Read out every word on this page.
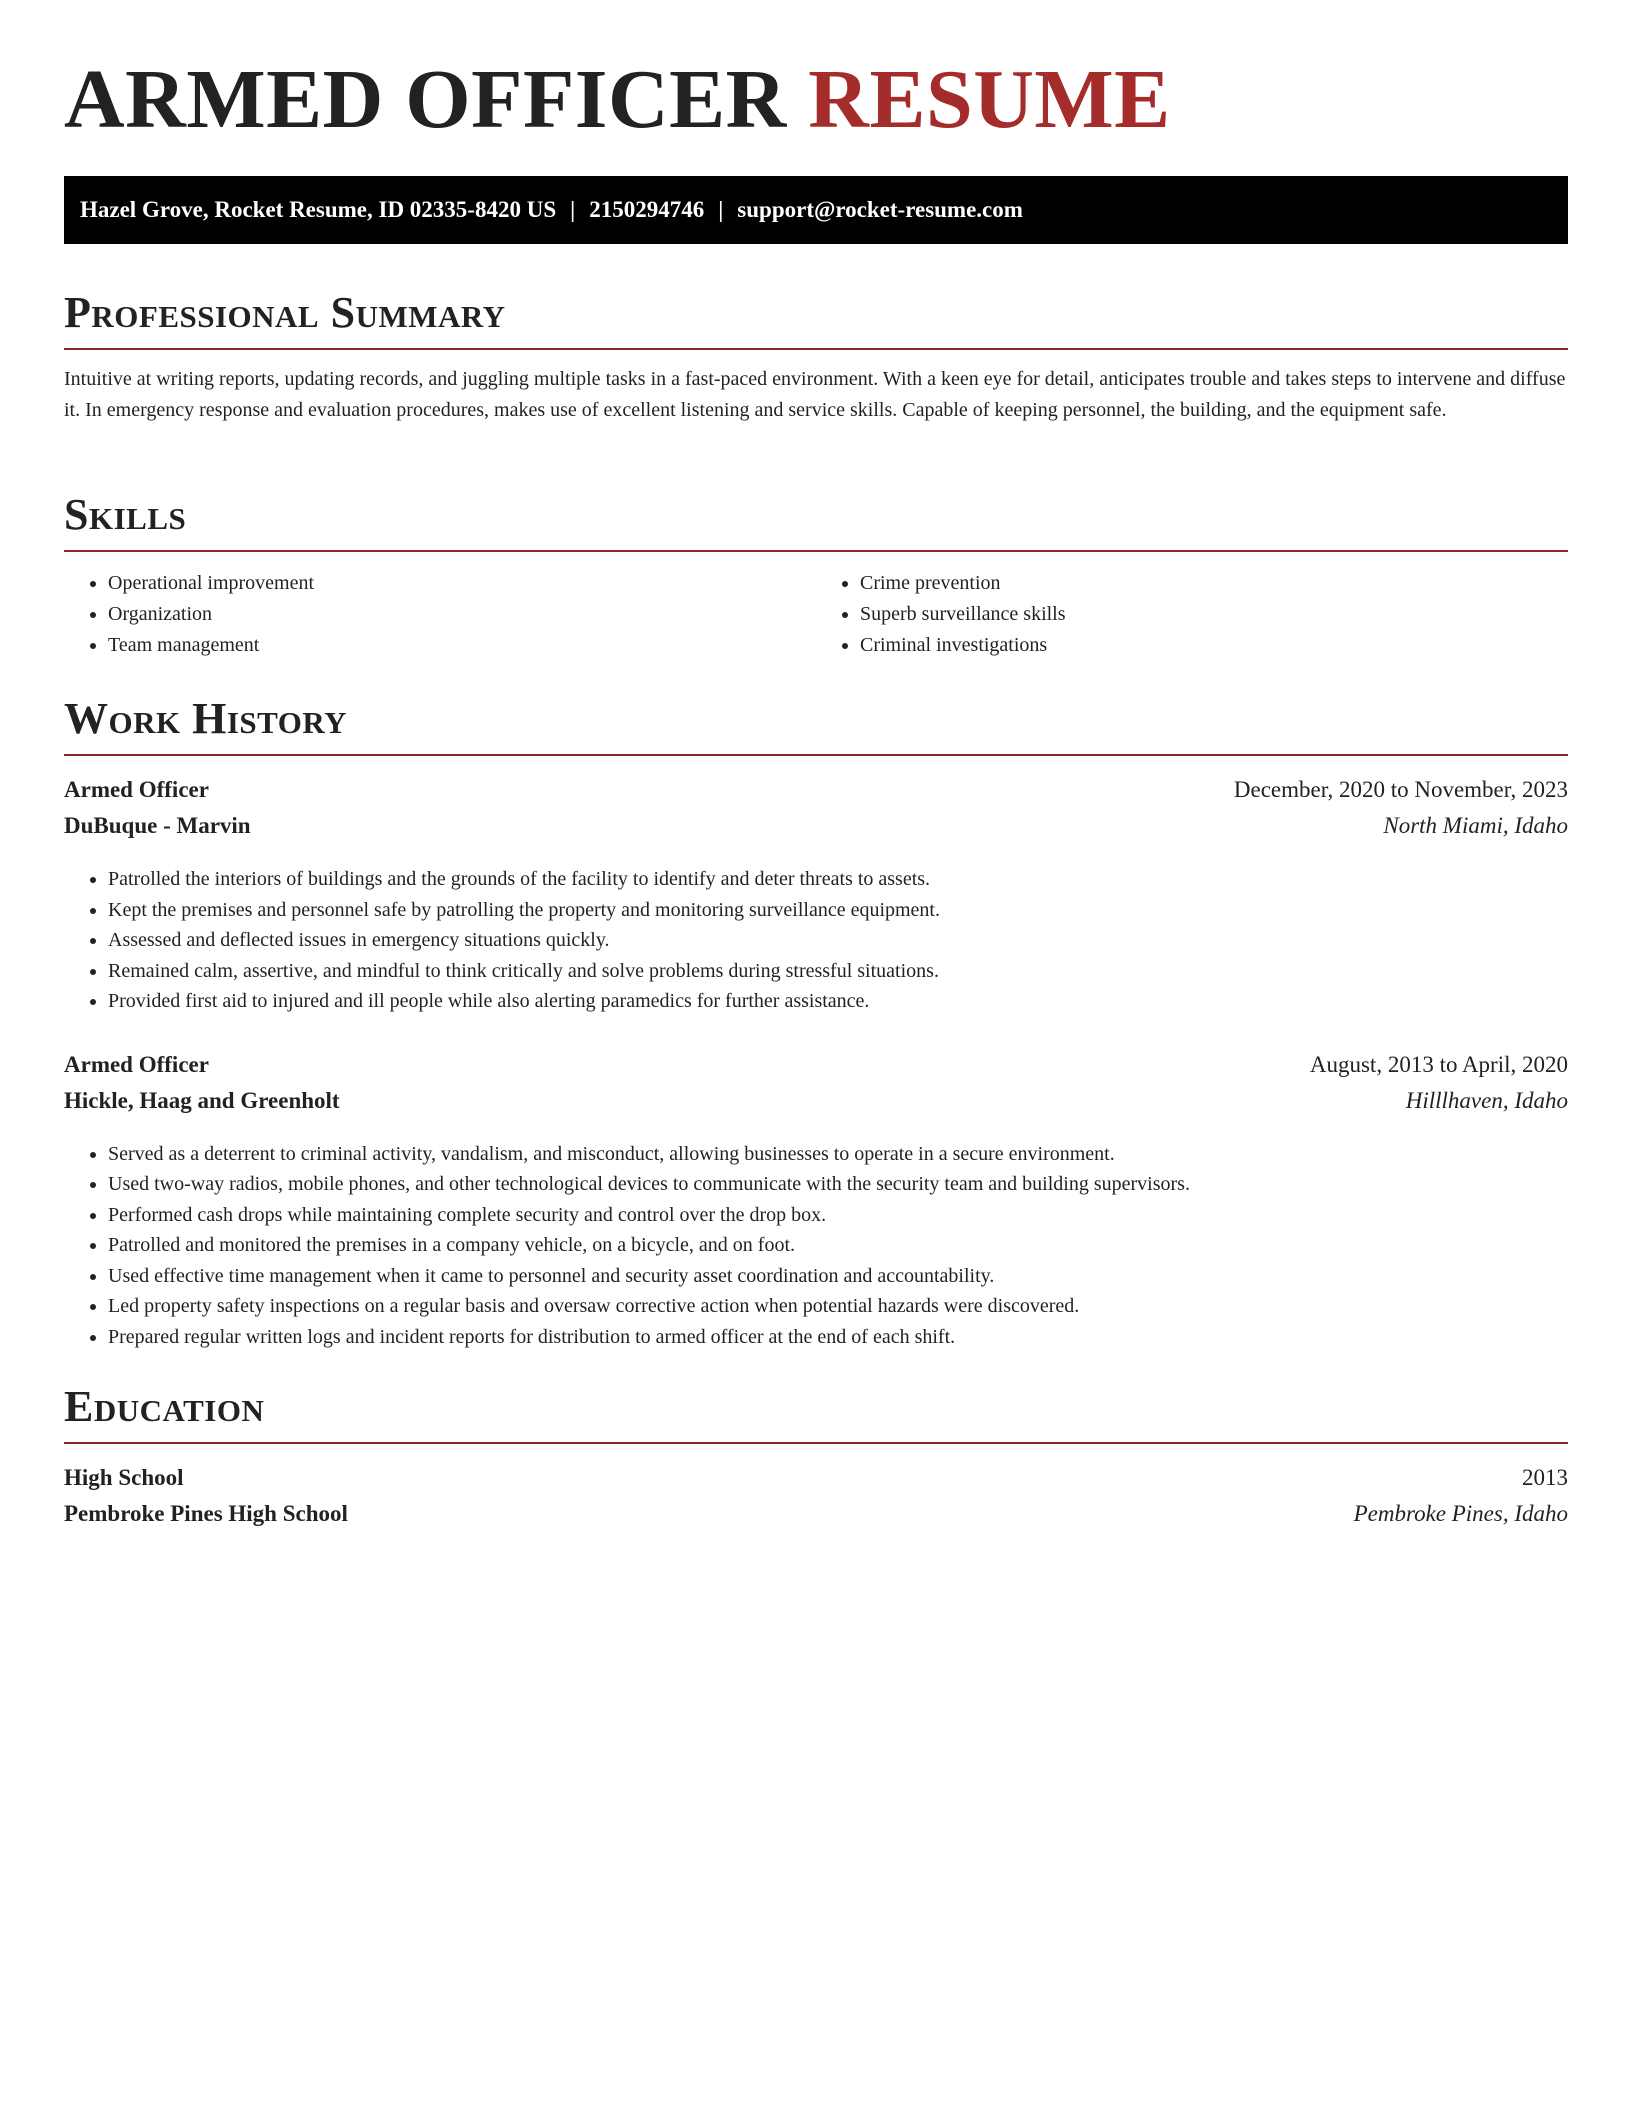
ARMED OFFICER RESUME
Hazel Grove, Rocket Resume, ID 02335-8420 US | 2150294746 | support@rocket-resume.com
Professional Summary

Intuitive at writing reports, updating records, and juggling multiple tasks in a fast-paced environment. With a keen eye for detail, anticipates trouble and takes steps to intervene and diffuse it. In emergency response and evaluation procedures, makes use of excellent listening and service skills. Capable of keeping personnel, the building, and the equipment safe.

Skills
• Operational improvement
• Organization
• Team management
• Crime prevention
• Superb surveillance skills
• Criminal investigations
Work History
Armed Officer	December, 2020 to November, 2023
DuBuque - Marvin	North Miami, Idaho
• Patrolled the interiors of buildings and the grounds of the facility to identify and deter threats to assets.
• Kept the premises and personnel safe by patrolling the property and monitoring surveillance equipment.
• Assessed and deflected issues in emergency situations quickly.
• Remained calm, assertive, and mindful to think critically and solve problems during stressful situations.
• Provided first aid to injured and ill people while also alerting paramedics for further assistance.
Armed Officer	August, 2013 to April, 2020
Hickle, Haag and Greenholt	Hilllhaven, Idaho
• Served as a deterrent to criminal activity, vandalism, and misconduct, allowing businesses to operate in a secure environment.
• Used two-way radios, mobile phones, and other technological devices to communicate with the security team and building supervisors.
• Performed cash drops while maintaining complete security and control over the drop box.
• Patrolled and monitored the premises in a company vehicle, on a bicycle, and on foot.
• Used effective time management when it came to personnel and security asset coordination and accountability.
• Led property safety inspections on a regular basis and oversaw corrective action when potential hazards were discovered.
• Prepared regular written logs and incident reports for distribution to armed officer at the end of each shift.
Education
High School	2013
Pembroke Pines High School	Pembroke Pines, Idaho
